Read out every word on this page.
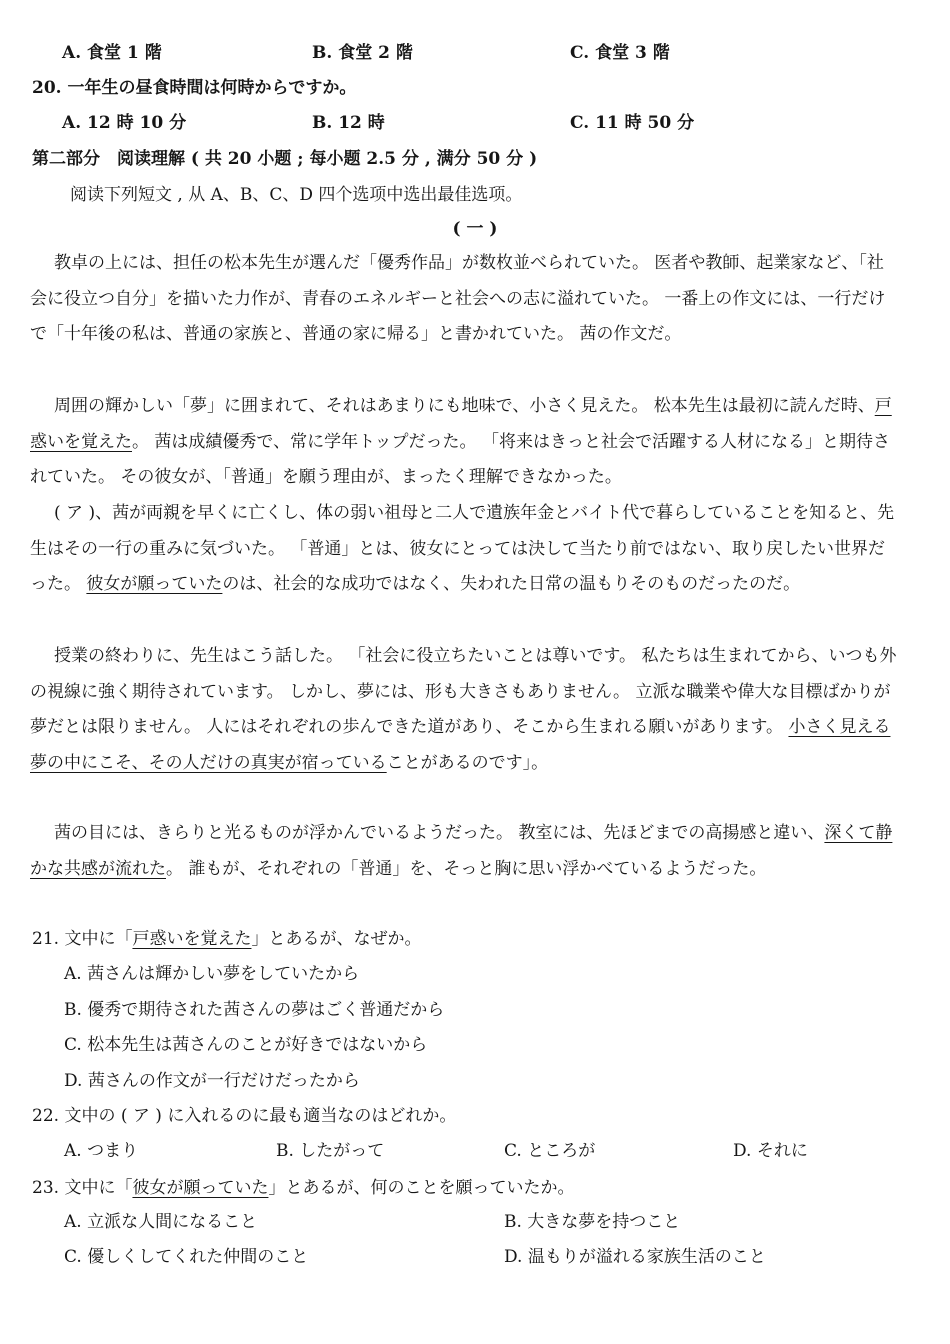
A. 食堂 1 階	B. 食堂 2 階	C. 食堂 3 階
20. 一年生の昼食時間は何時からですか。
A. 12 時 10 分	B. 12 時	C. 11 時 50 分
第二部分　阅读理解 ( 共 20 小题 ; 每小题 2.5 分 , 满分 50 分 )
阅读下列短文 , 从 A、B、C、D 四个选项中选出最佳选项。
( 一 )
教卓の上には、担任の松本先生が選んだ「優秀作品」が数枚並べられていた。 医者や教師、起業家など、「社会に役立つ自分」を描いた力作が、青春のエネルギーと社会への志に溢れていた。 一番上の作文には、一行だけで「十年後の私は、普通の家族と、普通の家に帰る」と書かれていた。 茜の作文だ。
周囲の輝かしい「夢」に囲まれて、それはあまりにも地味で、小さく見えた。 松本先生は最初に読んだ時、戸惑いを覚えた。 茜は成績優秀で、常に学年トップだった。 「将来はきっと社会で活躍する人材になる」と期待されていた。 その彼女が、「普通」を願う理由が、まったく理解できなかった。
( ア )、茜が両親を早くに亡くし、体の弱い祖母と二人で遺族年金とバイト代で暮らしていることを知ると、先生はその一行の重みに気づいた。 「普通」とは、彼女にとっては決して当たり前ではない、取り戻したい世界だった。 彼女が願っていたのは、社会的な成功ではなく、失われた日常の温もりそのものだったのだ。
授業の終わりに、先生はこう話した。 「社会に役立ちたいことは尊いです。 私たちは生まれてから、いつも外の視線に強く期待されています。 しかし、夢には、形も大きさもありません。 立派な職業や偉大な目標ばかりが夢だとは限りません。 人にはそれぞれの歩んできた道があり、そこから生まれる願いがあります。 小さく見える夢の中にこそ、その人だけの真実が宿っていることがあるのです」。
茜の目には、きらりと光るものが浮かんでいるようだった。 教室には、先ほどまでの高揚感と違い、深くて静かな共感が流れた。 誰もが、それぞれの「普通」を、そっと胸に思い浮かべているようだった。
21. 文中に「戸惑いを覚えた」とあるが、なぜか。
A. 茜さんは輝かしい夢をしていたから
B. 優秀で期待された茜さんの夢はごく普通だから
C. 松本先生は茜さんのことが好きではないから
D. 茜さんの作文が一行だけだったから
22. 文中の ( ア ) に入れるのに最も適当なのはどれか。
A. つまり	B. したがって	C. ところが	D. それに
23. 文中に「彼女が願っていた」とあるが、何のことを願っていたか。
A. 立派な人間になること	B. 大きな夢を持つこと
C. 優しくしてくれた仲間のこと	D. 温もりが溢れる家族生活のこと
